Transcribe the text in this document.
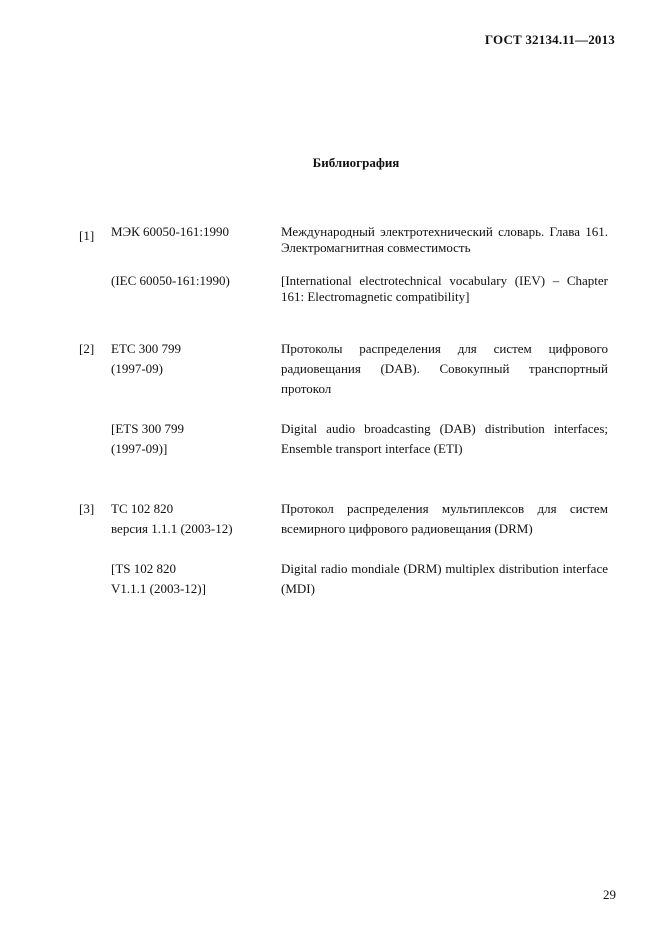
ГОСТ 32134.11—2013
Библиография
[1] МЭК 60050-161:1990	Международный электротехнический словарь. Глава 161. Электромагнитная совместимость
(IEC 60050-161:1990)	[International electrotechnical vocabulary (IEV) – Chapter 161: Electromagnetic compatibility]
[2] ETC 300 799
(1997-09)
Протоколы распределения для систем цифрового радиовещания (DAB). Совокупный транспортный протокол
[ETS 300 799
(1997-09)]
Digital audio broadcasting (DAB) distribution interfaces; Ensemble transport interface (ETI)
[3] TC 102 820
версия 1.1.1 (2003-12)
Протокол распределения мультиплексов для систем всемирного цифрового радиовещания (DRM)
[TS 102 820
V1.1.1 (2003-12)]
Digital radio mondiale (DRM) multiplex distribution interface (MDI)
29
